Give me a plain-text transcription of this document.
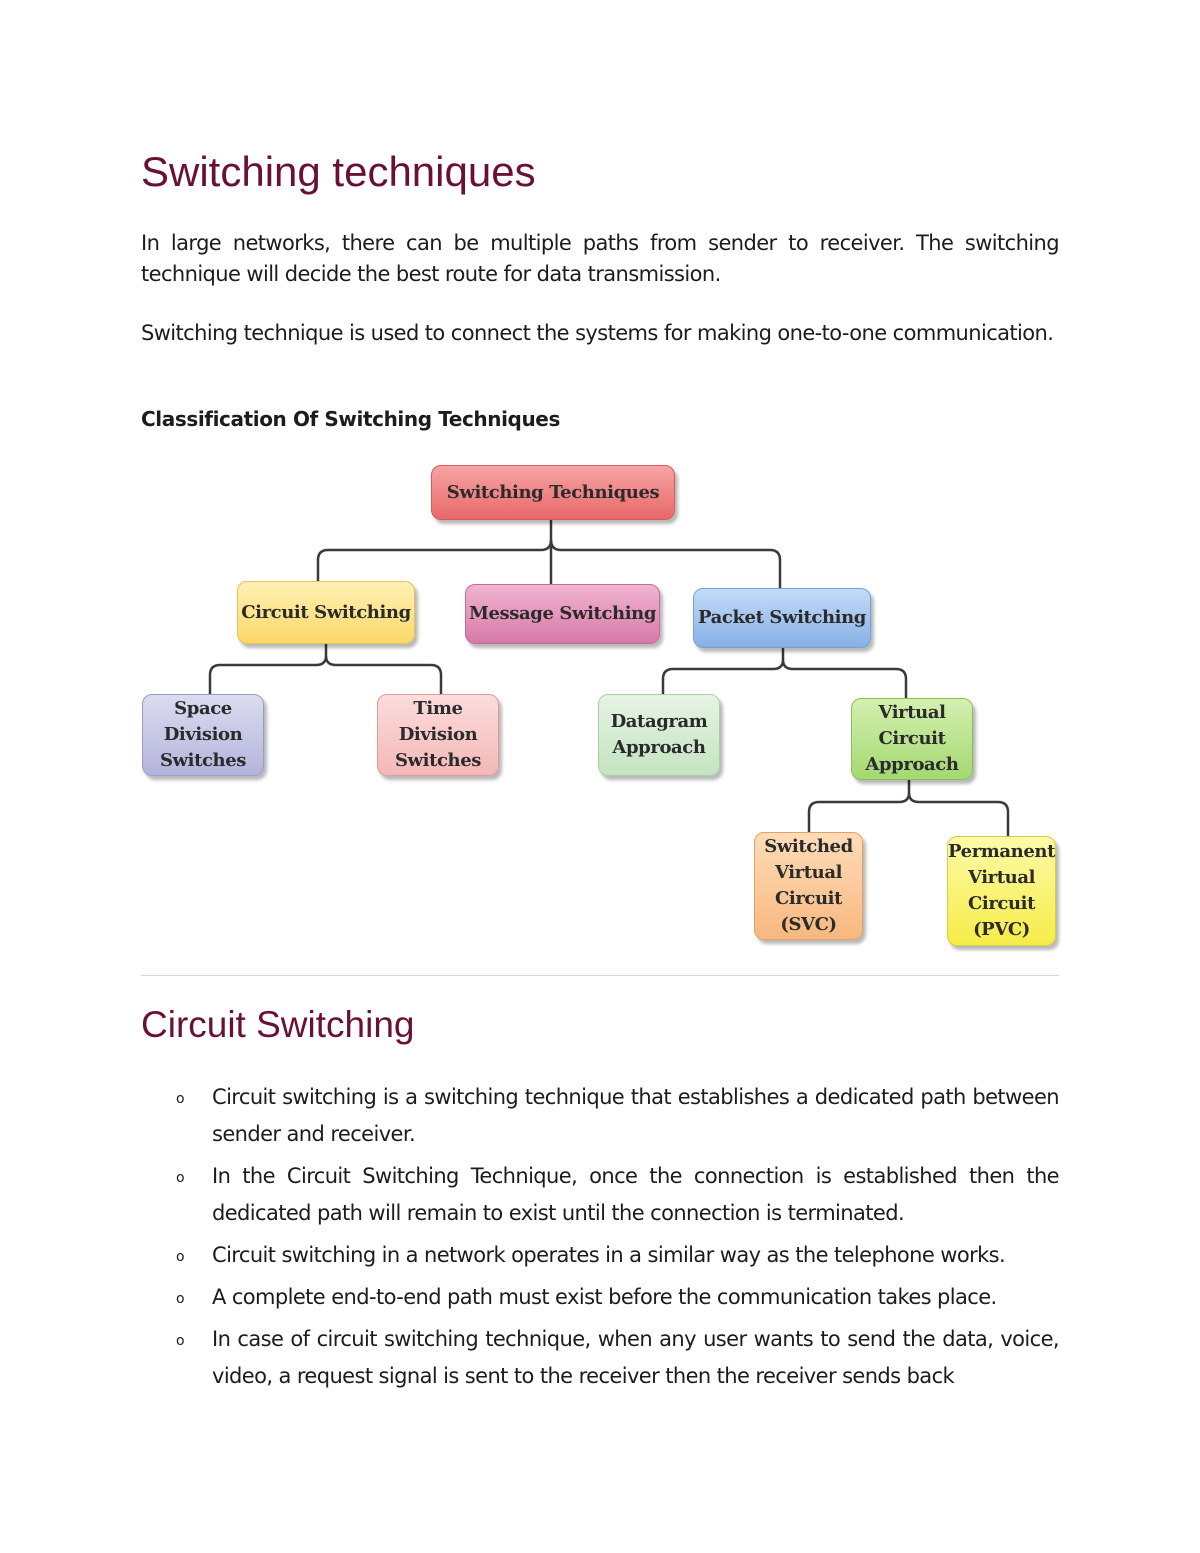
Switching techniques

In large networks, there can be multiple paths from sender to receiver. The switching technique will decide the best route for data transmission.

Switching technique is used to connect the systems for making one-to-one communication.

Classification Of Switching Techniques

Switching Techniques
Circuit Switching	Message Switching Packet Switching
Space
Division
Switches
Time
Division
Switches
Datagram
Approach
Virtual
Circuit
Approach
Switched
Virtual
Circuit
(SVC)
Permanent
Virtual
Circuit
(PVC)
Circuit Switching
o Circuit switching is a switching technique that establishes a dedicated path between sender and receiver.
o In the Circuit Switching Technique, once the connection is established then the dedicated path will remain to exist until the connection is terminated.
o Circuit switching in a network operates in a similar way as the telephone works.
o A complete end-to-end path must exist before the communication takes place.
o In case of circuit switching technique, when any user wants to send the data, voice, video, a request signal is sent to the receiver then the receiver sends back
